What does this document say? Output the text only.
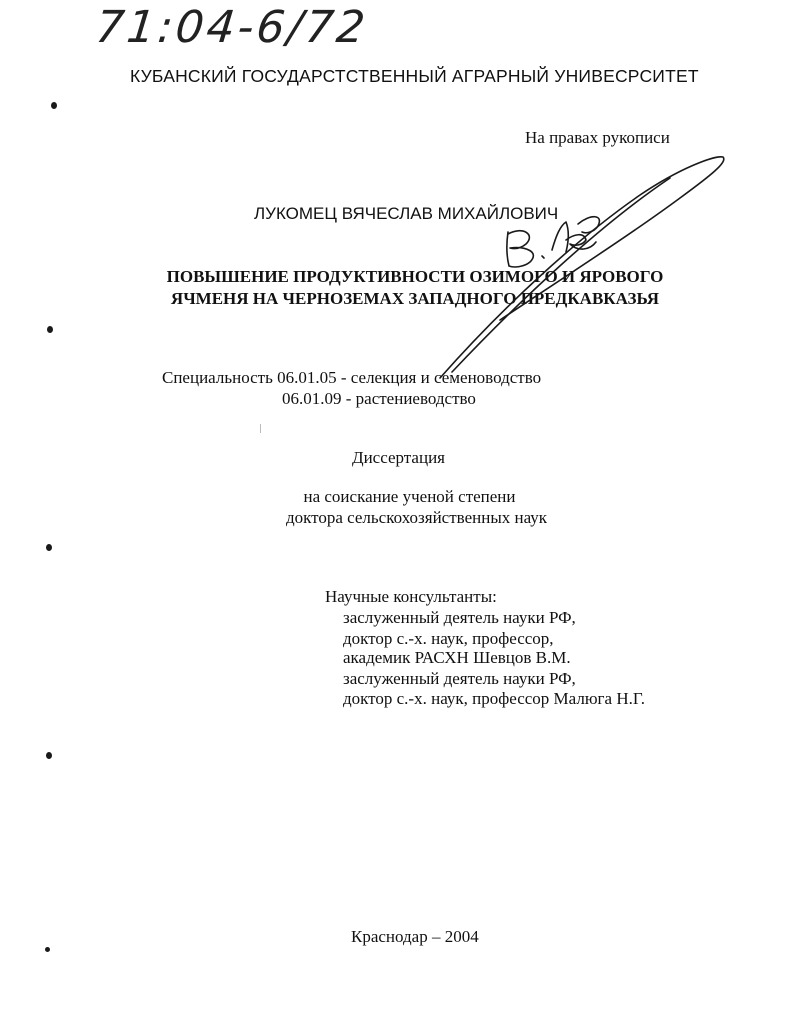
71:04-6/72
КУБАНСКИЙ ГОСУДАРСТСТВЕННЫЙ АГРАРНЫЙ УНИВЕСРСИТЕТ
На правах рукописи
ЛУКОМЕЦ ВЯЧЕСЛАВ МИХАЙЛОВИЧ
ПОВЫШЕНИЕ ПРОДУКТИВНОСТИ ОЗИМОГО И ЯРОВОГО
ЯЧМЕНЯ НА ЧЕРНОЗЕМАХ ЗАПАДНОГО ПРЕДКАВКАЗЬЯ
Специальность 06.01.05 - селекция и семеноводство
06.01.09 - растениеводство
Диссертация
на соискание ученой степени
доктора сельскохозяйственных наук
Научные консультанты:
заслуженный деятель науки РФ,
доктор с.-х. наук, профессор,
академик РАСХН Шевцов В.М.
заслуженный деятель науки РФ,
доктор с.-х. наук, профессор Малюга Н.Г.
Краснодар – 2004
